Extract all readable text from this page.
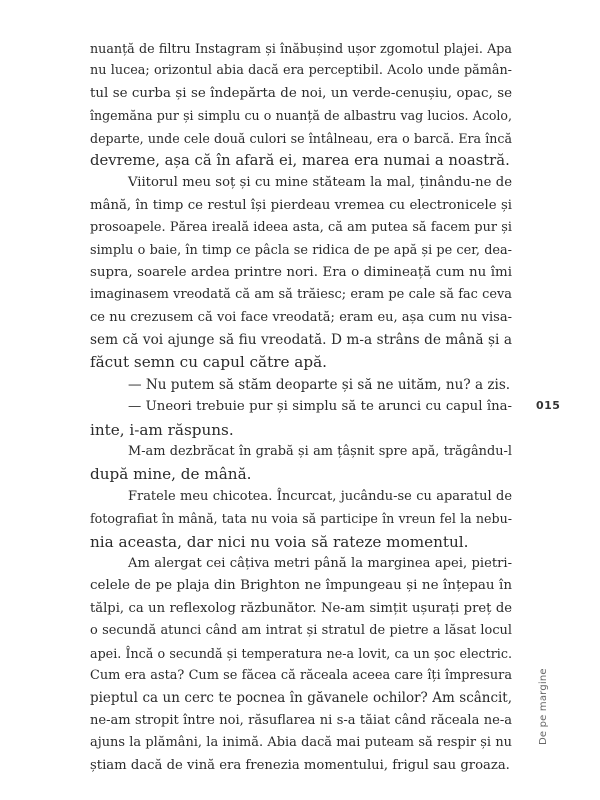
nuanță de filtru Instagram și înăbușind ușor zgomotul plajei. Apa
nu lucea; orizontul abia dacă era perceptibil. Acolo unde pămân-
tul se curba și se îndepărta de noi, un verde-cenușiu, opac, se
îngemăna pur și simplu cu o nuanță de albastru vag lucios. Acolo,
departe, unde cele două culori se întâlneau, era o barcă. Era încă
devreme, așa că în afară ei, marea era numai a noastră.
Viitorul meu soț și cu mine stăteam la mal, ținându-ne de
mână, în timp ce restul își pierdeau vremea cu electronicele și
prosoapele. Părea ireală ideea asta, că am putea să facem pur și
simplu o baie, în timp ce pâcla se ridica de pe apă și pe cer, dea-
supra, soarele ardea printre nori. Era o dimineață cum nu îmi
imaginasem vreodată că am să trăiesc; eram pe cale să fac ceva
ce nu crezusem că voi face vreodată; eram eu, așa cum nu visa-
sem că voi ajunge să fiu vreodată. D m-a strâns de mână și a
făcut semn cu capul către apă.
— Nu putem să stăm deoparte și să ne uităm, nu? a zis.
— Uneori trebuie pur și simplu să te arunci cu capul îna-
inte, i-am răspuns.
M-am dezbrăcat în grabă și am țâșnit spre apă, trăgându-l
după mine, de mână.
Fratele meu chicotea. Încurcat, jucându-se cu aparatul de
fotografiat în mână, tata nu voia să participe în vreun fel la nebu-
nia aceasta, dar nici nu voia să rateze momentul.
Am alergat cei câțiva metri până la marginea apei, pietri-
celele de pe plaja din Brighton ne împungeau și ne înțepau în
tălpi, ca un reflexolog răzbunător. Ne-am simțit ușurați preț de
o secundă atunci când am intrat și stratul de pietre a lăsat locul
apei. Încă o secundă și temperatura ne-a lovit, ca un șoc electric.
Cum era asta? Cum se făcea că răceala aceea care îți împresura
pieptul ca un cerc te pocnea în găvanele ochilor? Am scâncit,
ne-am stropit între noi, răsuflarea ni s-a tăiat când răceala ne-a
ajuns la plămâni, la inimă. Abia dacă mai puteam să respir și nu
știam dacă de vină era frenezia momentului, frigul sau groaza.
015
De pe margine
